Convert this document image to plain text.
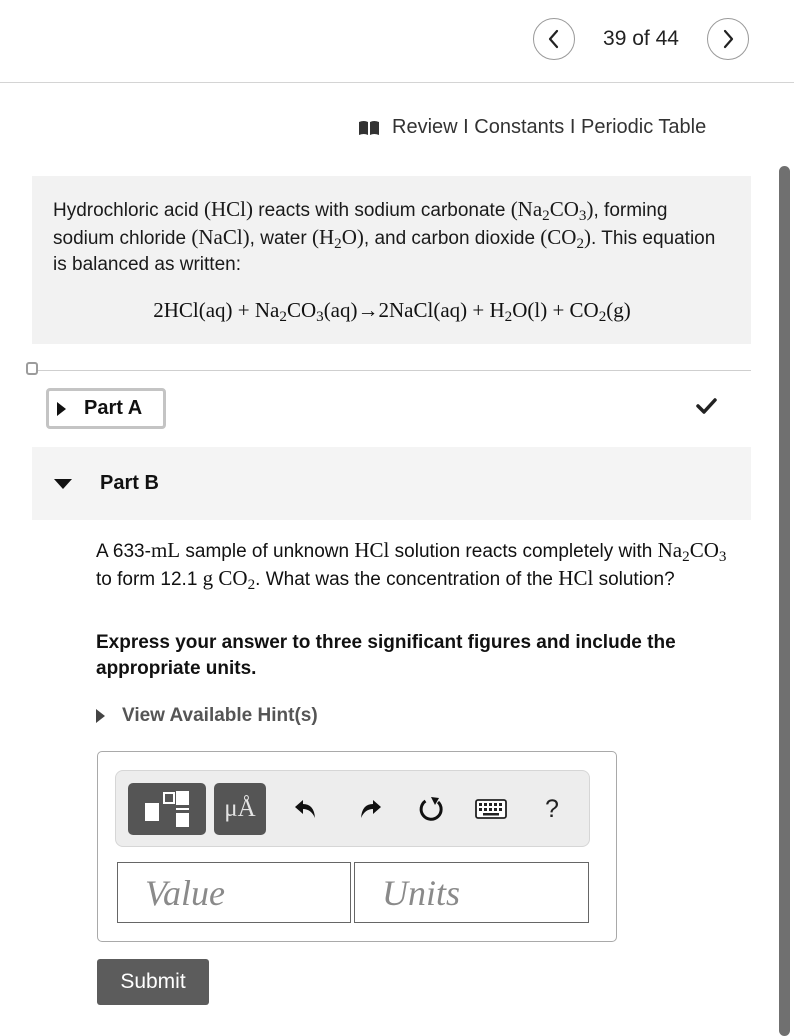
39 of 44
Review I Constants I Periodic Table

Hydrochloric acid (HCl) reacts with sodium carbonate $(Na_2CO_3)$, forming sodium chloride (NaCl), water $(H_2O)$, and carbon dioxide $(CO_2)$. This equation is balanced as written:

$2HCl(aq) + Na_2CO_3(aq)\to 2NaCl(aq) + H_2O(l) + CO_2(g)$
Part A
Part B

A 633-mL sample of unknown HCl solution reacts completely with $Na_2CO_3$ to form 12.1 g $CO_2$. What was the concentration of the HCl solution?

Express your answer to three significant figures and include the appropriate units.

View Available Hint(s)
μÅ	?
Value	Units
Submit
